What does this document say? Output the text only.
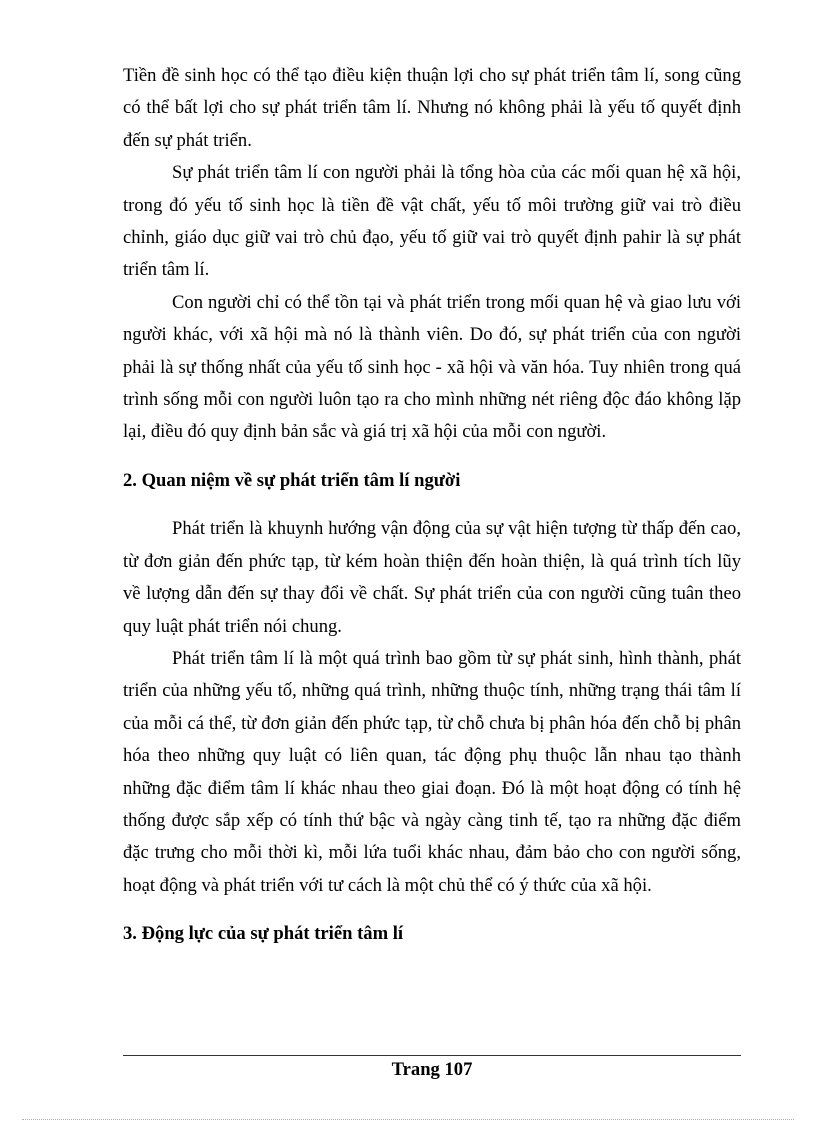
Tiền đề sinh học có thể tạo điều kiện thuận lợi cho sự phát triển tâm lí, song cũng có thể bất lợi cho sự phát triển tâm lí. Nhưng nó không phải là yếu tố quyết định đến sự phát triển.

Sự phát triển tâm lí con người phải là tổng hòa của các mối quan hệ xã hội, trong đó yếu tố sinh học là tiền đề vật chất, yếu tố môi trường giữ vai trò điều chỉnh, giáo dục giữ vai trò chủ đạo, yếu tố giữ vai trò quyết định pahir là sự phát triển tâm lí.

Con người chỉ có thể tồn tại và phát triển trong mối quan hệ và giao lưu với người khác, với xã hội mà nó là thành viên. Do đó, sự phát triển của con người phải là sự thống nhất của yếu tố sinh học - xã hội và văn hóa. Tuy nhiên trong quá trình sống mỗi con người luôn tạo ra cho mình những nét riêng độc đáo không lặp lại, điều đó quy định bản sắc và giá trị xã hội của mỗi con người.

2. Quan niệm về sự phát triển tâm lí người

Phát triển là khuynh hướng vận động của sự vật hiện tượng từ thấp đến cao, từ đơn giản đến phức tạp, từ kém hoàn thiện đến hoàn thiện, là quá trình tích lũy về lượng dẫn đến sự thay đổi về chất. Sự phát triển của con người cũng tuân theo quy luật phát triển nói chung.

Phát triển tâm lí là một quá trình bao gồm từ sự phát sinh, hình thành, phát triển của những yếu tố, những quá trình, những thuộc tính, những trạng thái tâm lí của mỗi cá thể, từ đơn giản đến phức tạp, từ chỗ chưa bị phân hóa đến chỗ bị phân hóa theo những quy luật có liên quan, tác động phụ thuộc lẫn nhau tạo thành những đặc điểm tâm lí khác nhau theo giai đoạn. Đó là một hoạt động có tính hệ thống được sắp xếp có tính thứ bậc và ngày càng tinh tế, tạo ra những đặc điểm đặc trưng cho mỗi thời kì, mỗi lứa tuổi khác nhau, đảm bảo cho con người sống, hoạt động và phát triển với tư cách là một chủ thể có ý thức của xã hội.

3. Động lực của sự phát triển tâm lí
Trang 107
